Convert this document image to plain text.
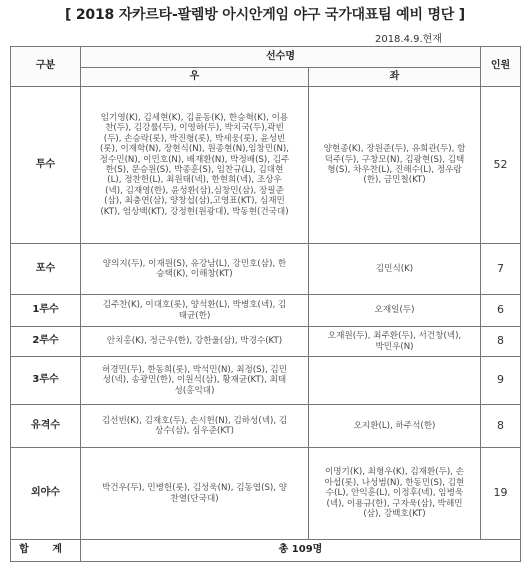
[ 2018 자카르타-팔렘방 아시안게임 야구 국가대표팀 예비 명단 ]
2018.4.9.현재
구분	선수명		인원
	우	좌	
투수	임기영(K), 김세현(K), 김윤동(K), 한승혁(K), 이용찬(두), 김강률(두), 이영하(두), 박치국(두),곽빈(두), 손승락(롯), 박진형(롯), 박세웅(롯), 윤성빈(롯), 이재학(N), 장현식(N), 원종현(N),임창민(N), 정수민(N), 이민호(N), 배재환(N), 박정배(S), 김주한(S), 문승원(S), 박종훈(S), 임찬규(L), 김대현(L), 정찬헌(L), 최원태(넥), 한현희(넥), 조상우(넥), 김재영(한), 윤성환(삼),심창민(삼), 장필준(삼), 최충연(삼), 양창섭(삼),고영표(KT), 심재민(KT), 엄상백(KT), 강정현(원광대), 박동현(건국대)	양현종(K), 장원준(두), 유희관(두), 함덕주(두), 구창모(N), 김광현(S), 김택형(S), 차우찬(L), 진해수(L), 정우람(한), 금민철(KT)	52
포수	양의지(두), 이재원(S), 유강남(L), 강민호(삼), 한승택(K), 이해창(KT)	김민식(K)	7
1루수	김주찬(K), 이대호(롯), 양석환(L), 박병호(넥), 김태균(한)	오재일(두)	6
2루수	안치홍(K), 정근우(한), 강한울(삼), 박경수(KT)	오재원(두), 최주환(두), 서건창(넥), 박민우(N)	8
3루수	허경민(두), 한동희(롯), 박석민(N), 최정(S), 김민성(넥), 송광민(한), 이원석(삼), 황재균(KT), 최태성(홍익대)		9
유격수	김선빈(K), 김재호(두), 손시헌(N), 김하성(넥), 김상수(삼), 심우준(KT)	오지환(L), 하주석(한)	8
외야수	박건우(두), 민병헌(롯), 김성욱(N), 김동엽(S), 양찬열(단국대)	이명기(K), 최형우(K), 김재환(두), 손아섭(롯), 나성범(N), 한동민(S), 김현수(L), 안익훈(L), 이정후(넥), 임병욱(넥), 이용규(한), 구자욱(삼), 박해민(삼), 강백호(KT)	19
합 계	총 109명		
